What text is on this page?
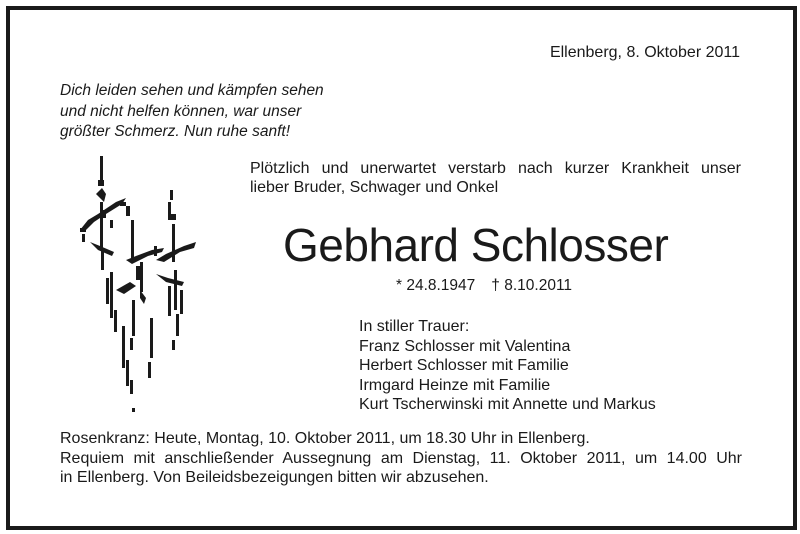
Ellenberg, 8. Oktober 2011

Dich leiden sehen und kämpfen sehen
und nicht helfen können, war unser
größter Schmerz. Nun ruhe sanft!

Plötzlich und unerwartet verstarb nach kurzer Krankheit unser
lieber Bruder, Schwager und Onkel

Gebhard Schlosser

* 24.8.1947 † 8.10.2011

In stiller Trauer:
Franz Schlosser mit Valentina
Herbert Schlosser mit Familie
Irmgard Heinze mit Familie
Kurt Tscherwinski mit Annette und Markus

Rosenkranz: Heute, Montag, 10. Oktober 2011, um 18.30 Uhr in Ellenberg.
Requiem mit anschließender Aussegnung am Dienstag, 11. Oktober 2011, um 14.00 Uhr
in Ellenberg. Von Beileidsbezeigungen bitten wir abzusehen.
